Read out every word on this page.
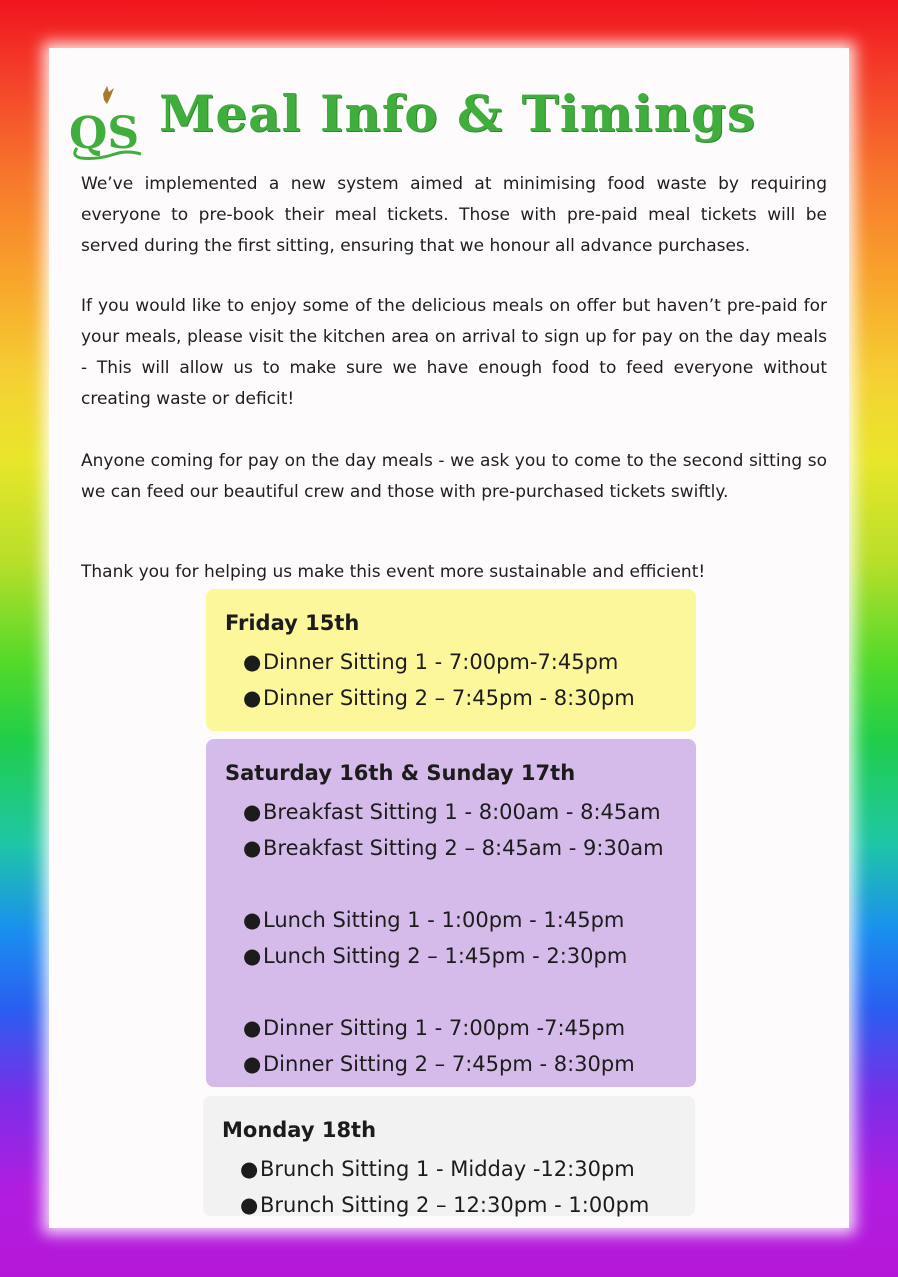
QS Meal Info & Timings

We’ve implemented a new system aimed at minimising food waste by requiring everyone to pre-book their meal tickets. Those with pre-paid meal tickets will be served during the first sitting, ensuring that we honour all advance purchases.

If you would like to enjoy some of the delicious meals on offer but haven’t pre-paid for your meals, please visit the kitchen area on arrival to sign up for pay on the day meals - This will allow us to make sure we have enough food to feed everyone without creating waste or deficit!

Anyone coming for pay on the day meals - we ask you to come to the second sitting so we can feed our beautiful crew and those with pre-purchased tickets swiftly.

Thank you for helping us make this event more sustainable and efficient!

Friday 15th
●Dinner Sitting 1 - 7:00pm-7:45pm
●Dinner Sitting 2 – 7:45pm - 8:30pm
Saturday 16th & Sunday 17th
●Breakfast Sitting 1 - 8:00am - 8:45am
●Breakfast Sitting 2 – 8:45am - 9:30am
●Lunch Sitting 1 - 1:00pm - 1:45pm
●Lunch Sitting 2 – 1:45pm - 2:30pm
●Dinner Sitting 1 - 7:00pm -7:45pm
●Dinner Sitting 2 – 7:45pm - 8:30pm
Monday 18th
●Brunch Sitting 1 - Midday -12:30pm
●Brunch Sitting 2 – 12:30pm - 1:00pm
